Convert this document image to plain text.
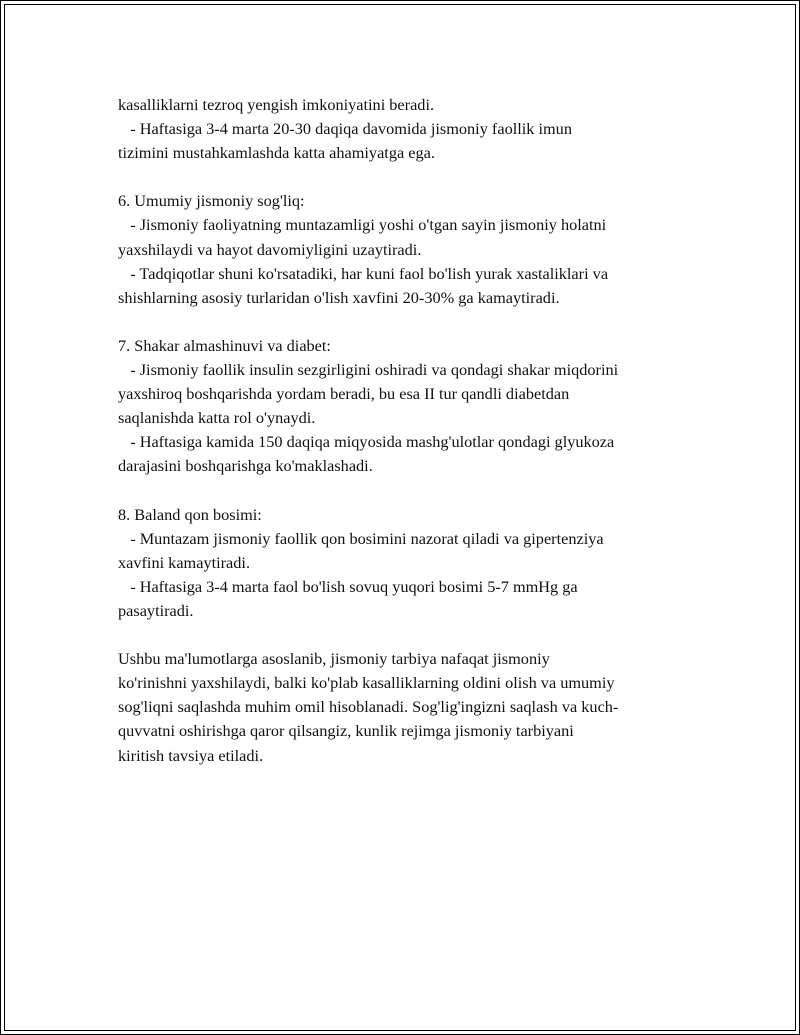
kasalliklarni tezroq yengish imkoniyatini beradi.
- Haftasiga 3-4 marta 20-30 daqiqa davomida jismoniy faollik imun
tizimini mustahkamlashda katta ahamiyatga ega.
6. Umumiy jismoniy sog'liq:
- Jismoniy faoliyatning muntazamligi yoshi o'tgan sayin jismoniy holatni
yaxshilaydi va hayot davomiyligini uzaytiradi.
- Tadqiqotlar shuni ko'rsatadiki, har kuni faol bo'lish yurak xastaliklari va
shishlarning asosiy turlaridan o'lish xavfini 20-30% ga kamaytiradi.
7. Shakar almashinuvi va diabet:
- Jismoniy faollik insulin sezgirligini oshiradi va qondagi shakar miqdorini
yaxshiroq boshqarishda yordam beradi, bu esa II tur qandli diabetdan
saqlanishda katta rol o'ynaydi.
- Haftasiga kamida 150 daqiqa miqyosida mashg'ulotlar qondagi glyukoza
darajasini boshqarishga ko'maklashadi.
8. Baland qon bosimi:
- Muntazam jismoniy faollik qon bosimini nazorat qiladi va gipertenziya
xavfini kamaytiradi.
- Haftasiga 3-4 marta faol bo'lish sovuq yuqori bosimi 5-7 mmHg ga
pasaytiradi.
Ushbu ma'lumotlarga asoslanib, jismoniy tarbiya nafaqat jismoniy
ko'rinishni yaxshilaydi, balki ko'plab kasalliklarning oldini olish va umumiy
sog'liqni saqlashda muhim omil hisoblanadi. Sog'lig'ingizni saqlash va kuch-
quvvatni oshirishga qaror qilsangiz, kunlik rejimga jismoniy tarbiyani
kiritish tavsiya etiladi.
